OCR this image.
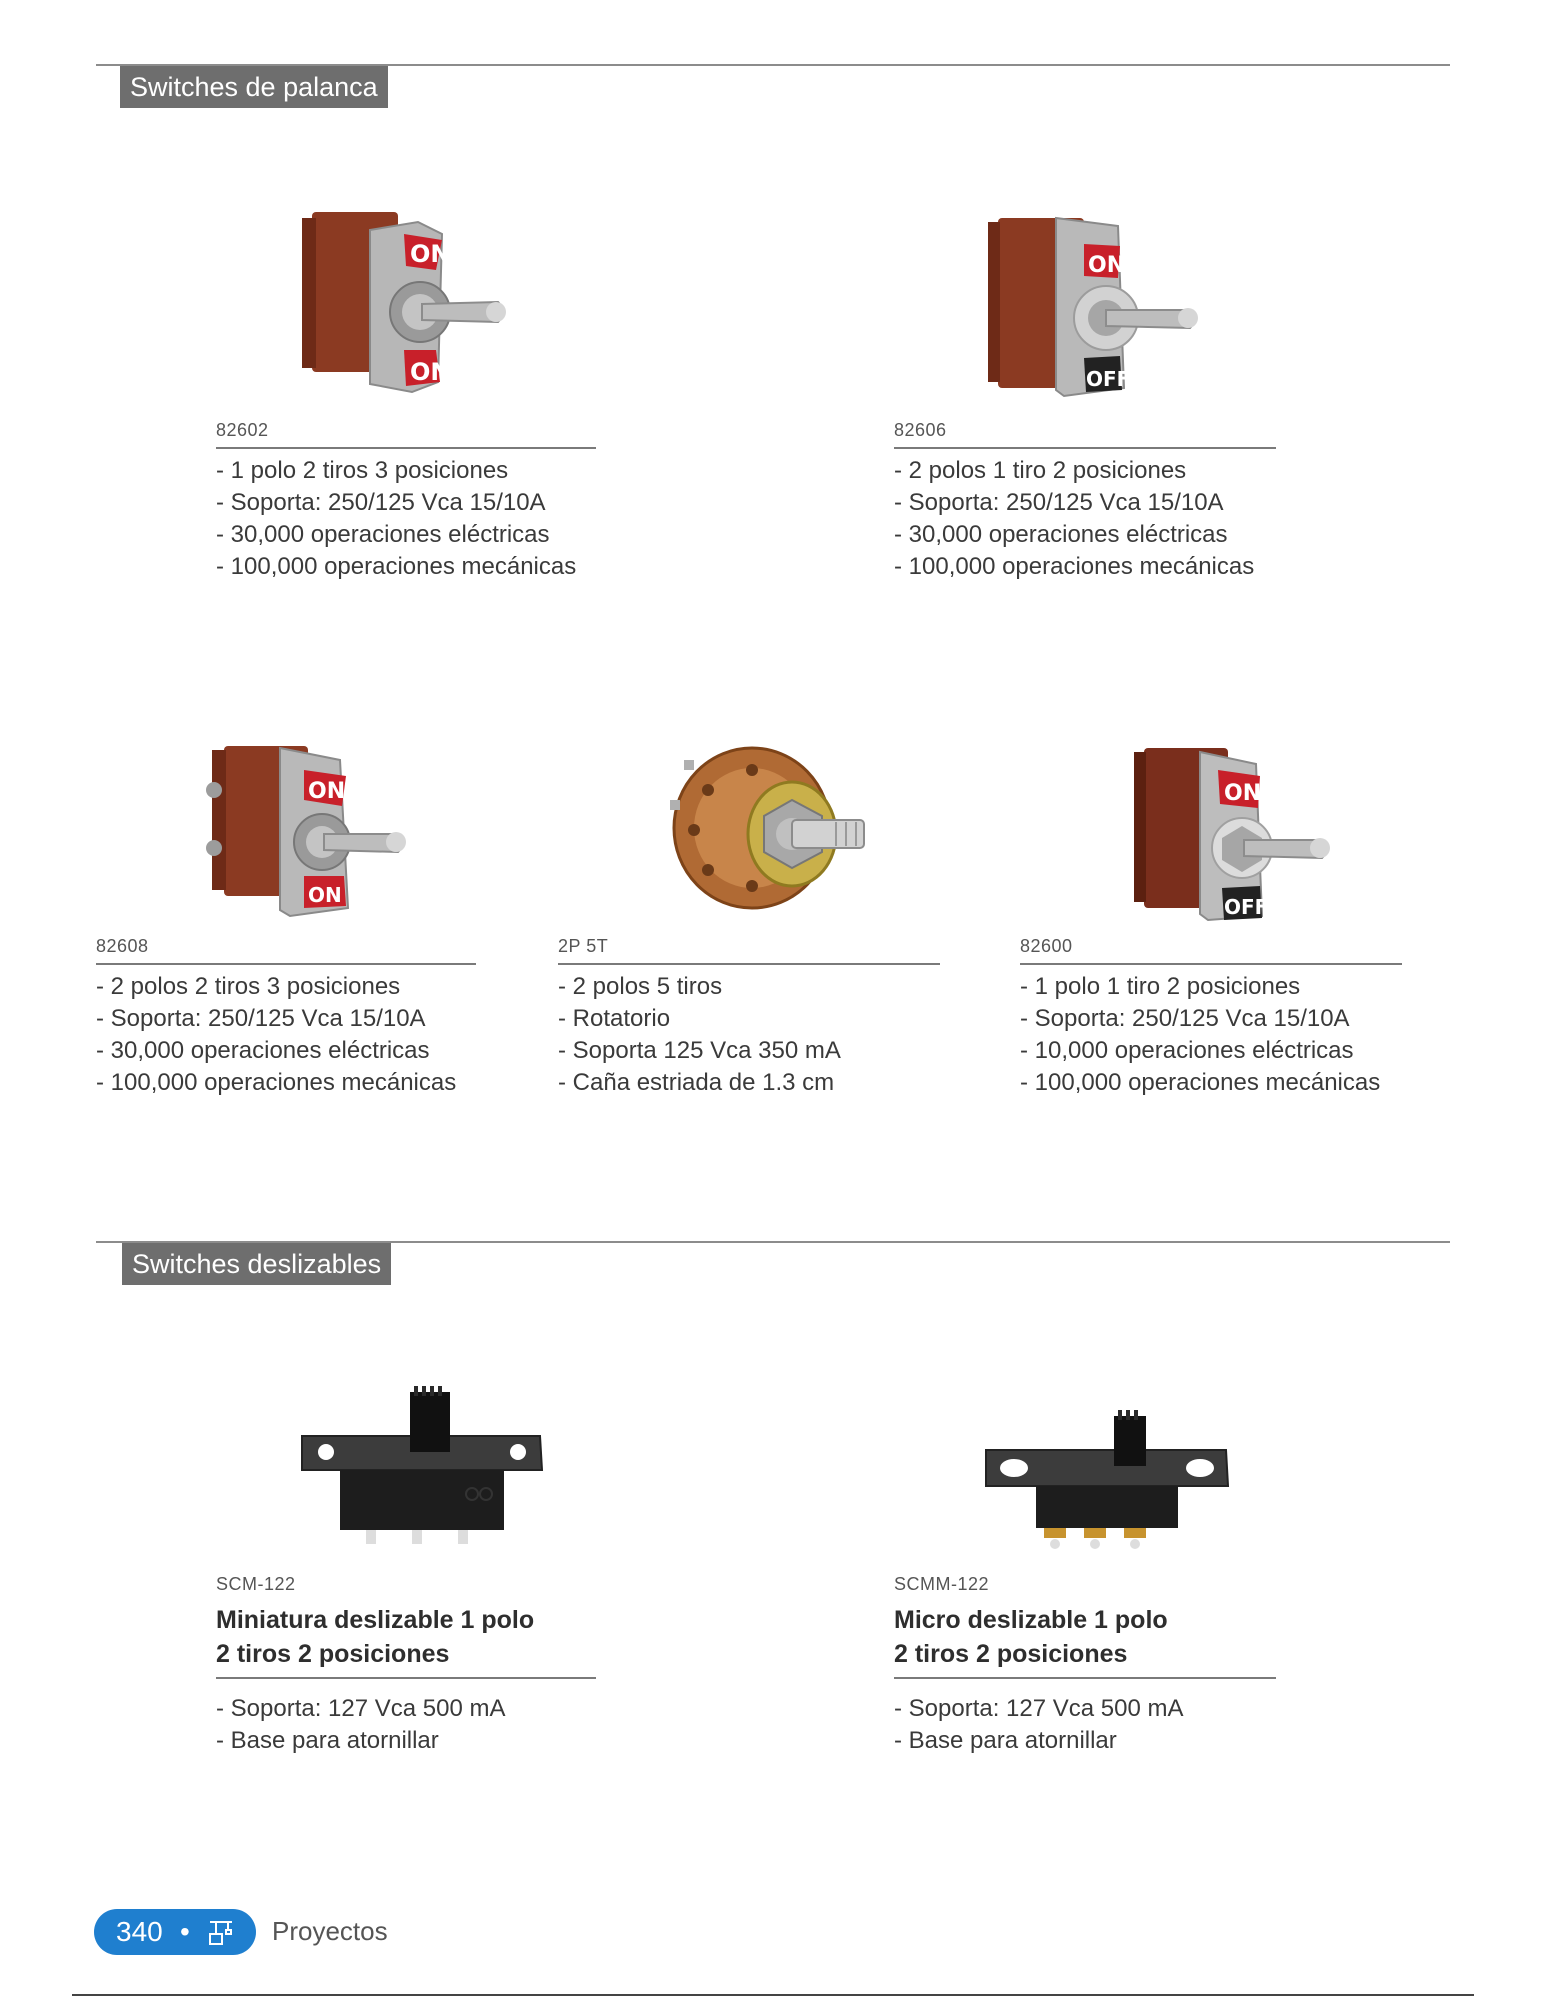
Switches de palanca
ON
ON
ON
OFF
82602
- 1 polo 2 tiros 3 posiciones
- Soporta: 250/125 Vca 15/10A
- 30,000 operaciones eléctricas
- 100,000 operaciones mecánicas
82606
- 2 polos 1 tiro 2 posiciones
- Soporta: 250/125 Vca 15/10A
- 30,000 operaciones eléctricas
- 100,000 operaciones mecánicas
ON
ON
ON
OFF
82608
- 2 polos 2 tiros 3 posiciones
- Soporta: 250/125 Vca 15/10A
- 30,000 operaciones eléctricas
- 100,000 operaciones mecánicas
2P 5T
- 2 polos 5 tiros
- Rotatorio
- Soporta 125 Vca 350 mA
- Caña estriada de 1.3 cm
82600
- 1 polo 1 tiro 2 posiciones
- Soporta: 250/125 Vca 15/10A
- 10,000 operaciones eléctricas
- 100,000 operaciones mecánicas
Switches deslizables
SCM-122
Miniatura deslizable 1 polo
2 tiros 2 posiciones
- Soporta: 127 Vca 500 mA
- Base para atornillar
SCMM-122
Micro deslizable 1 polo
2 tiros 2 posiciones
- Soporta: 127 Vca 500 mA
- Base para atornillar
340 •	Proyectos
